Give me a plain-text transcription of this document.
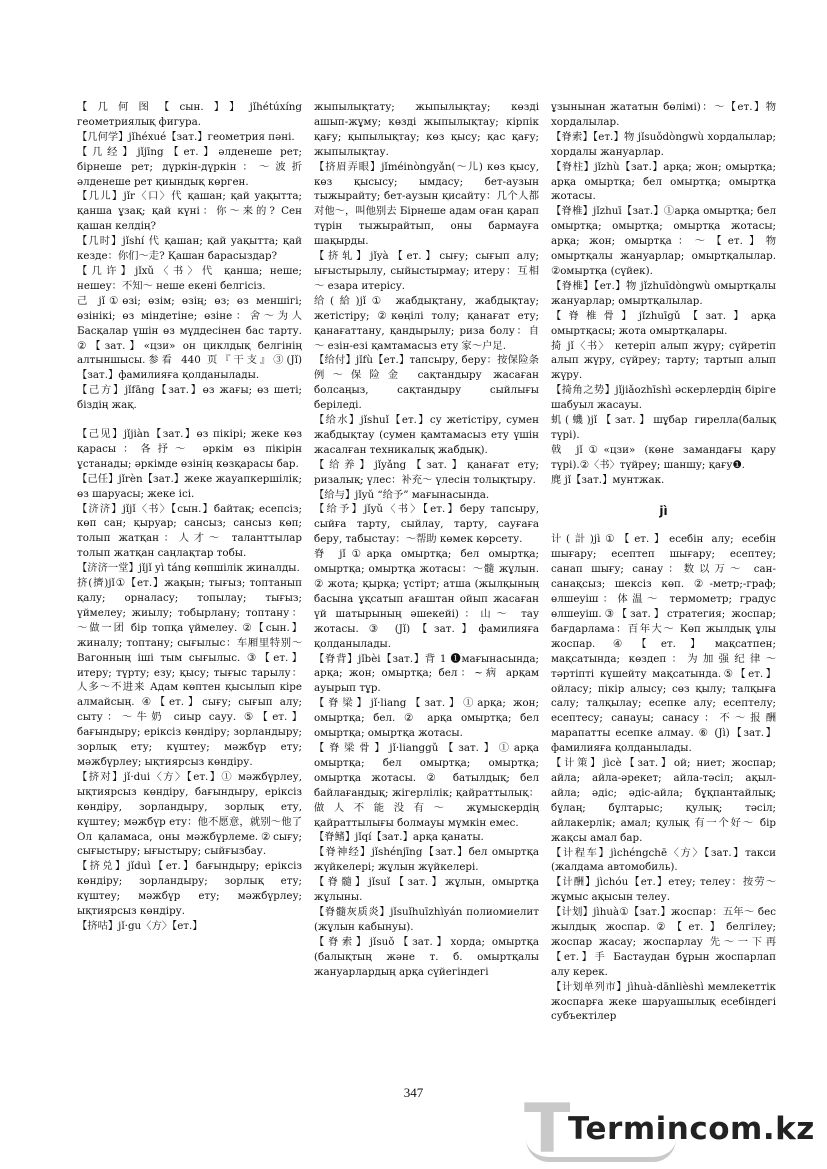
【几何图【сын.】】jǐhétúxíng геометриялық фигура.

【几何学】jǐhéxué【зат.】геометрия пәні.

【几经】jǐjīng【ет.】әлденеше рет; бірнеше рет; дүркін-дүркін：～波折 әлденеше рет қиындық көрген.

【几儿】jǐr〈口〉代 қашан; қай уақытта; қанша ұзақ; қай күні：你～来的? Сен қашан келдің?

【几时】jǐshí 代 қашан; қай уақытта; қай кезде：你们～走? Қашан барасыздар?

【几许】jǐxǔ〈书〉代 қанша; неше; нешеу：不知～ неше екені белгісіз.

己 jǐ①өзі; өзім; өзің; өз; өз меншігі; өзінікі; өз міндетіне; өзіне：舍～为人 Басқалар үшін өз мүддесінен бас тарту. ②【зат.】«цзи» он циклдық белгінің алтыншысы.参看 440 页『干支』③(Jǐ)【зат.】фамилияға қолданылады.

【己方】jǐfāng【зат.】өз жағы; өз шеті; біздің жақ.

【己见】jǐjiàn【зат.】өз пікірі; жеке көз қарасы：各抒～ әркім өз пікірін ұстанады; әркімде өзінің көзқарасы бар.

【己任】jǐrèn【зат.】жеке жауапкершілік; өз шаруасы; жеке ісі.

【济济】jǐjǐ〈书〉【сын.】байтақ; есепсіз; көп сан; қыруар; сансыз; сансыз көп; толып жатқан：人才～ таланттылар толып жатқан саңлақтар тобы.

【济济一堂】jǐjǐ yì táng көпшілік жиналды.

挤(擠)jǐ①【ет.】жақын; тығыз; топтанып қалу; орналасу; топылау; тығыз; үймелеу; жиылу; тобырлану; топтану：～做一团 бір топқа үймелеу. ②【сын.】жиналу; топтану; сығылыс：车厢里特别～ Вагонның іші тым сығылыс. ③【ет.】итеру; түрту; езу; қысу; тығыс тарылу：人多～不进来 Адам көптен қысылып кіре алмайсың. ④【ет.】сығу; сығып алу; сыту：～牛奶 сиыр сауу. ⑤【ет.】бағындыру; еріксіз көндіру; зорландыру; зорлық ету; күштеу; мәжбүр ету; мәжбүрлеу; ықтиярсыз көндіру.

【挤对】jǐ·dui〈方〉【ет.】① мәжбүрлеу, ықтиярсыз көндіру, бағындыру, еріксіз көндіру, зорландыру, зорлық ету, күштеу; мәжбүр ету：他不愿意，就别～他了 Ол қаламаса, оны мәжбүрлеме.②сығу; сығыстыру; ығыстыру; сыйғызбау.

【挤兑】jǐduì【ет.】бағындыру; еріксіз көндіру; зорландыру; зорлық ету; күштеу; мәжбүр ету; мәжбүрлеу; ықтиярсыз көндіру.

【挤咕】jǐ·gu〈方〉【ет.】

жыпылықтату; жыпылықтау; көзді ашып-жұму; көзді жыпылықтау; кірпік қағу; қыпылықтау; көз қысу; қас қағу; жыпылықтау.

【挤眉弄眼】jǐméinòngyǎn(～儿) көз қысу, көз қысысу; ымдасу; бет-аузын тыжырайту; бет-аузын қисайту：几个人都对他～，叫他别去 Бірнеше адам оған қарап түрін тыжырайтып, оны бармауға шақырды.

【挤轧】jǐyà【ет.】сығу; сығып алу; ығыстырылу, сыйыстырмау; итеру：互相～ езара итерісу.

给(給)jǐ① жабдықтану, жабдықтау; жетістіру; ②көңілі толу; қанағат ету; қанағаттану, қандырылу; риза болу：自～ езін-езі қамтамасыз ету 家～户足.

【给付】jǐfù【ет.】тапсыру, беру：按保险条例～保险金 сақтандыру жасаған болсаңыз, сақтандыру сыйлығы беріледі.

【给水】jǐshuǐ【ет.】су жетістіру, сумен жабдықтау (сумен қамтамасыз ету үшін жасалған техникалық жабдық).

【给养】jǐyǎng【зат.】қанағат ету; ризалық; үлес：补充～ үлесін толықтыру.

【给与】jǐyǔ “给予” мағынасында.

【给予】jǐyǔ〈书〉【ет.】беру тапсыру, сыйға тарту, сыйлау, тарту, сауғаға беру, табыстау：～帮助 көмек көрсету.

脊 jǐ①арқа омыртқа; бел омыртқа; омыртқа; омыртқа жотасы：～髓 жұлын. ② жота; қырқа; үстірт; атша (жылқының басына ұқсатып ағаштан ойып жасаған үй шатырының әшекейі)：山～ тау жотасы. ③ (Jǐ)【зат.】фамилияға қолданылады.

【脊背】jǐbèi【зат.】背 1 ❶мағынасында; арқа; жон; омыртқа; бел：~病 арқам ауырып тұр.

【脊梁】jǐ·liang【зат.】①арқа; жон; омыртқа; бел. ② арқа омыртқа; бел омыртқа; омыртқа жотасы.

【脊梁骨】jǐ·lianggǔ【зат.】①арқа омыртқа; бел омыртқа; омыртқа; омыртқа жотасы. ② батылдық; бел байлағандық; жігерлілік; қайраттылық：做人不能没有～ жұмыскердің қайраттылығы болмауы мүмкін емес.

【脊鳍】jǐqí【зат.】арқа қанаты.

【脊神经】jǐshénjīng【зат.】бел омыртқа жүйкелері; жұлын жүйкелері.

【脊髓】jǐsuǐ【зат.】жұлын, омыртқа жұлыны.

【脊髓灰质炎】jǐsuǐhuīzhìyán полиомиелит (жұлын кабынуы).

【脊索】jǐsuǒ【зат.】хорда; омыртқа (балықтың және т. б. омыртқалы жануарлардың арқа сүйегіндегі

ұзынынан жататын бөлімі)：～【ет.】物 хордалылар.

【脊索】【ет.】物 jǐsuǒdòngwù хордалылар; хордалы жануарлар.

【脊柱】jǐzhù【зат.】арқа; жон; омыртқа; арқа омыртқа; бел омыртқа; омыртқа жотасы.

【脊椎】jǐzhuī【зат.】①арқа омыртқа; бел омыртқа; омыртқа; омыртқа жотасы; арқа; жон; омыртқа：～【ет.】物 омыртқалы жануарлар; омыртқалылар. ②омыртқа (сүйек).

【脊椎】【ет.】物 jǐzhuīdòngwù омыртқалы жануарлар; омыртқалылар.

【脊椎骨】jǐzhuīgǔ【зат.】арқа омыртқасы; жота омыртқалары.

掎 jǐ〈书〉 кетеріп алып жүру; сүйретіп алып жүру, сүйреу; тарту; тартып алып жүру.

【掎角之势】jǐjiǎozhīshì әскерлердің біріге шабуыл жасауы.

虮(蟣)jǐ【зат.】шұбар гирелла(балық түрі).

戟 jǐ①«цзи» (көне замандағы қару түрі).②〈书〉түйреу; шаншу; қағу❶.

麂 jǐ【зат.】мунтжак.

jì

计(計)jì①【ет.】есебін алу; есебін шығару; есептеп шығару; есептеу; санап шығу; санау：数以万～ сан-санақсыз; шексіз көп. ②-метр;-граф; өлшеуіш：体温～ термометр; градус өлшеуіш.③【зат.】стратегия; жоспар; бағдарлама：百年大～ Көп жылдық ұлы жоспар. ④【ет.】мақсатпен; мақсатында; көздеп：为加强纪律～ тәртіпті күшейту мақсатында.⑤【ет.】ойласу; пікір алысу; сөз қылу; талқыға салу; талқылау; есепке алу; есептелу; есептесу; санауы; санасу：不～报酬 марапатты есепке алмау. ⑥ (Jì)【зат.】фамилияға қолданылады.

【计策】jìcè【зат.】ой; ниет; жоспар; айла; айла-әрекет; айла-тәсіл; ақыл-айла; әдіс; әдіс-айла; бұқпантайлық; бұлаң; бұлтарыс; қулық; тәсіл; айлакерлік; амал; қулық 有一个好～ бір жақсы амал бар.

【计程车】jìchéngchē〈方〉【зат.】такси (жалдама автомобиль).

【计酬】jìchóu【ет.】етеу; телеу：按劳～ жұмыс ақысын телеу.

【计划】jìhuà①【зат.】жоспар：五年～ бес жылдық жоспар.②【ет.】белгілеу; жоспар жасау; жоспарлау 先～一下再【ет.】手 Бастаудан бұрын жоспарлап алу керек.

【计划单列市】jìhuà-dānlièshì мемлекеттік жоспарға жеке шаруашылық есебіндегі субъектілер

347	T
Termincom.kz
